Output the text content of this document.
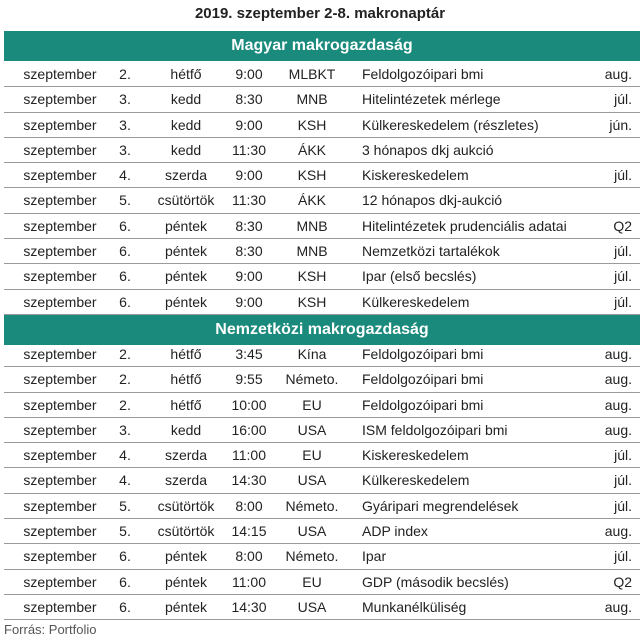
2019. szeptember 2-8. makronaptár
Magyar makrogazdaság
szeptember	2.	hétfő	9:00	MLBKT	Feldolgozóipari bmi	aug.
szeptember	3.	kedd	8:30	MNB	Hitelintézetek mérlege	júl.
szeptember	3.	kedd	9:00	KSH	Külkereskedelem (részletes)	jún.
szeptember	3.	kedd	11:30	ÁKK	3 hónapos dkj aukció
szeptember	4.	szerda	9:00	KSH	Kiskereskedelem	júl.
szeptember	5.	csütörtök	11:30	ÁKK	12 hónapos dkj-aukció
szeptember	6.	péntek	8:30	MNB	Hitelintézetek prudenciális adatai	Q2
szeptember	6.	péntek	8:30	MNB	Nemzetközi tartalékok	júl.
szeptember	6.	péntek	9:00	KSH	Ipar (első becslés)	júl.
szeptember	6.	péntek	9:00	KSH	Külkereskedelem	júl.
Nemzetközi makrogazdaság
szeptember	2.	hétfő	3:45	Kína	Feldolgozóipari bmi	aug.
szeptember	2.	hétfő	9:55	Németo.	Feldolgozóipari bmi	aug.
szeptember	2.	hétfő	10:00	EU	Feldolgozóipari bmi	aug.
szeptember	3.	kedd	16:00	USA	ISM feldolgozóipari bmi	aug.
szeptember	4.	szerda	11:00	EU	Kiskereskedelem	júl.
szeptember	4.	szerda	14:30	USA	Külkereskedelem	júl.
szeptember	5.	csütörtök	8:00	Németo.	Gyáripari megrendelések	júl.
szeptember	5.	csütörtök	14:15	USA	ADP index	aug.
szeptember	6.	péntek	8:00	Németo.	Ipar	júl.
szeptember	6.	péntek	11:00	EU	GDP (második becslés)	Q2
szeptember	6.	péntek	14:30	USA	Munkanélküliség	aug.
Forrás: Portfolio
